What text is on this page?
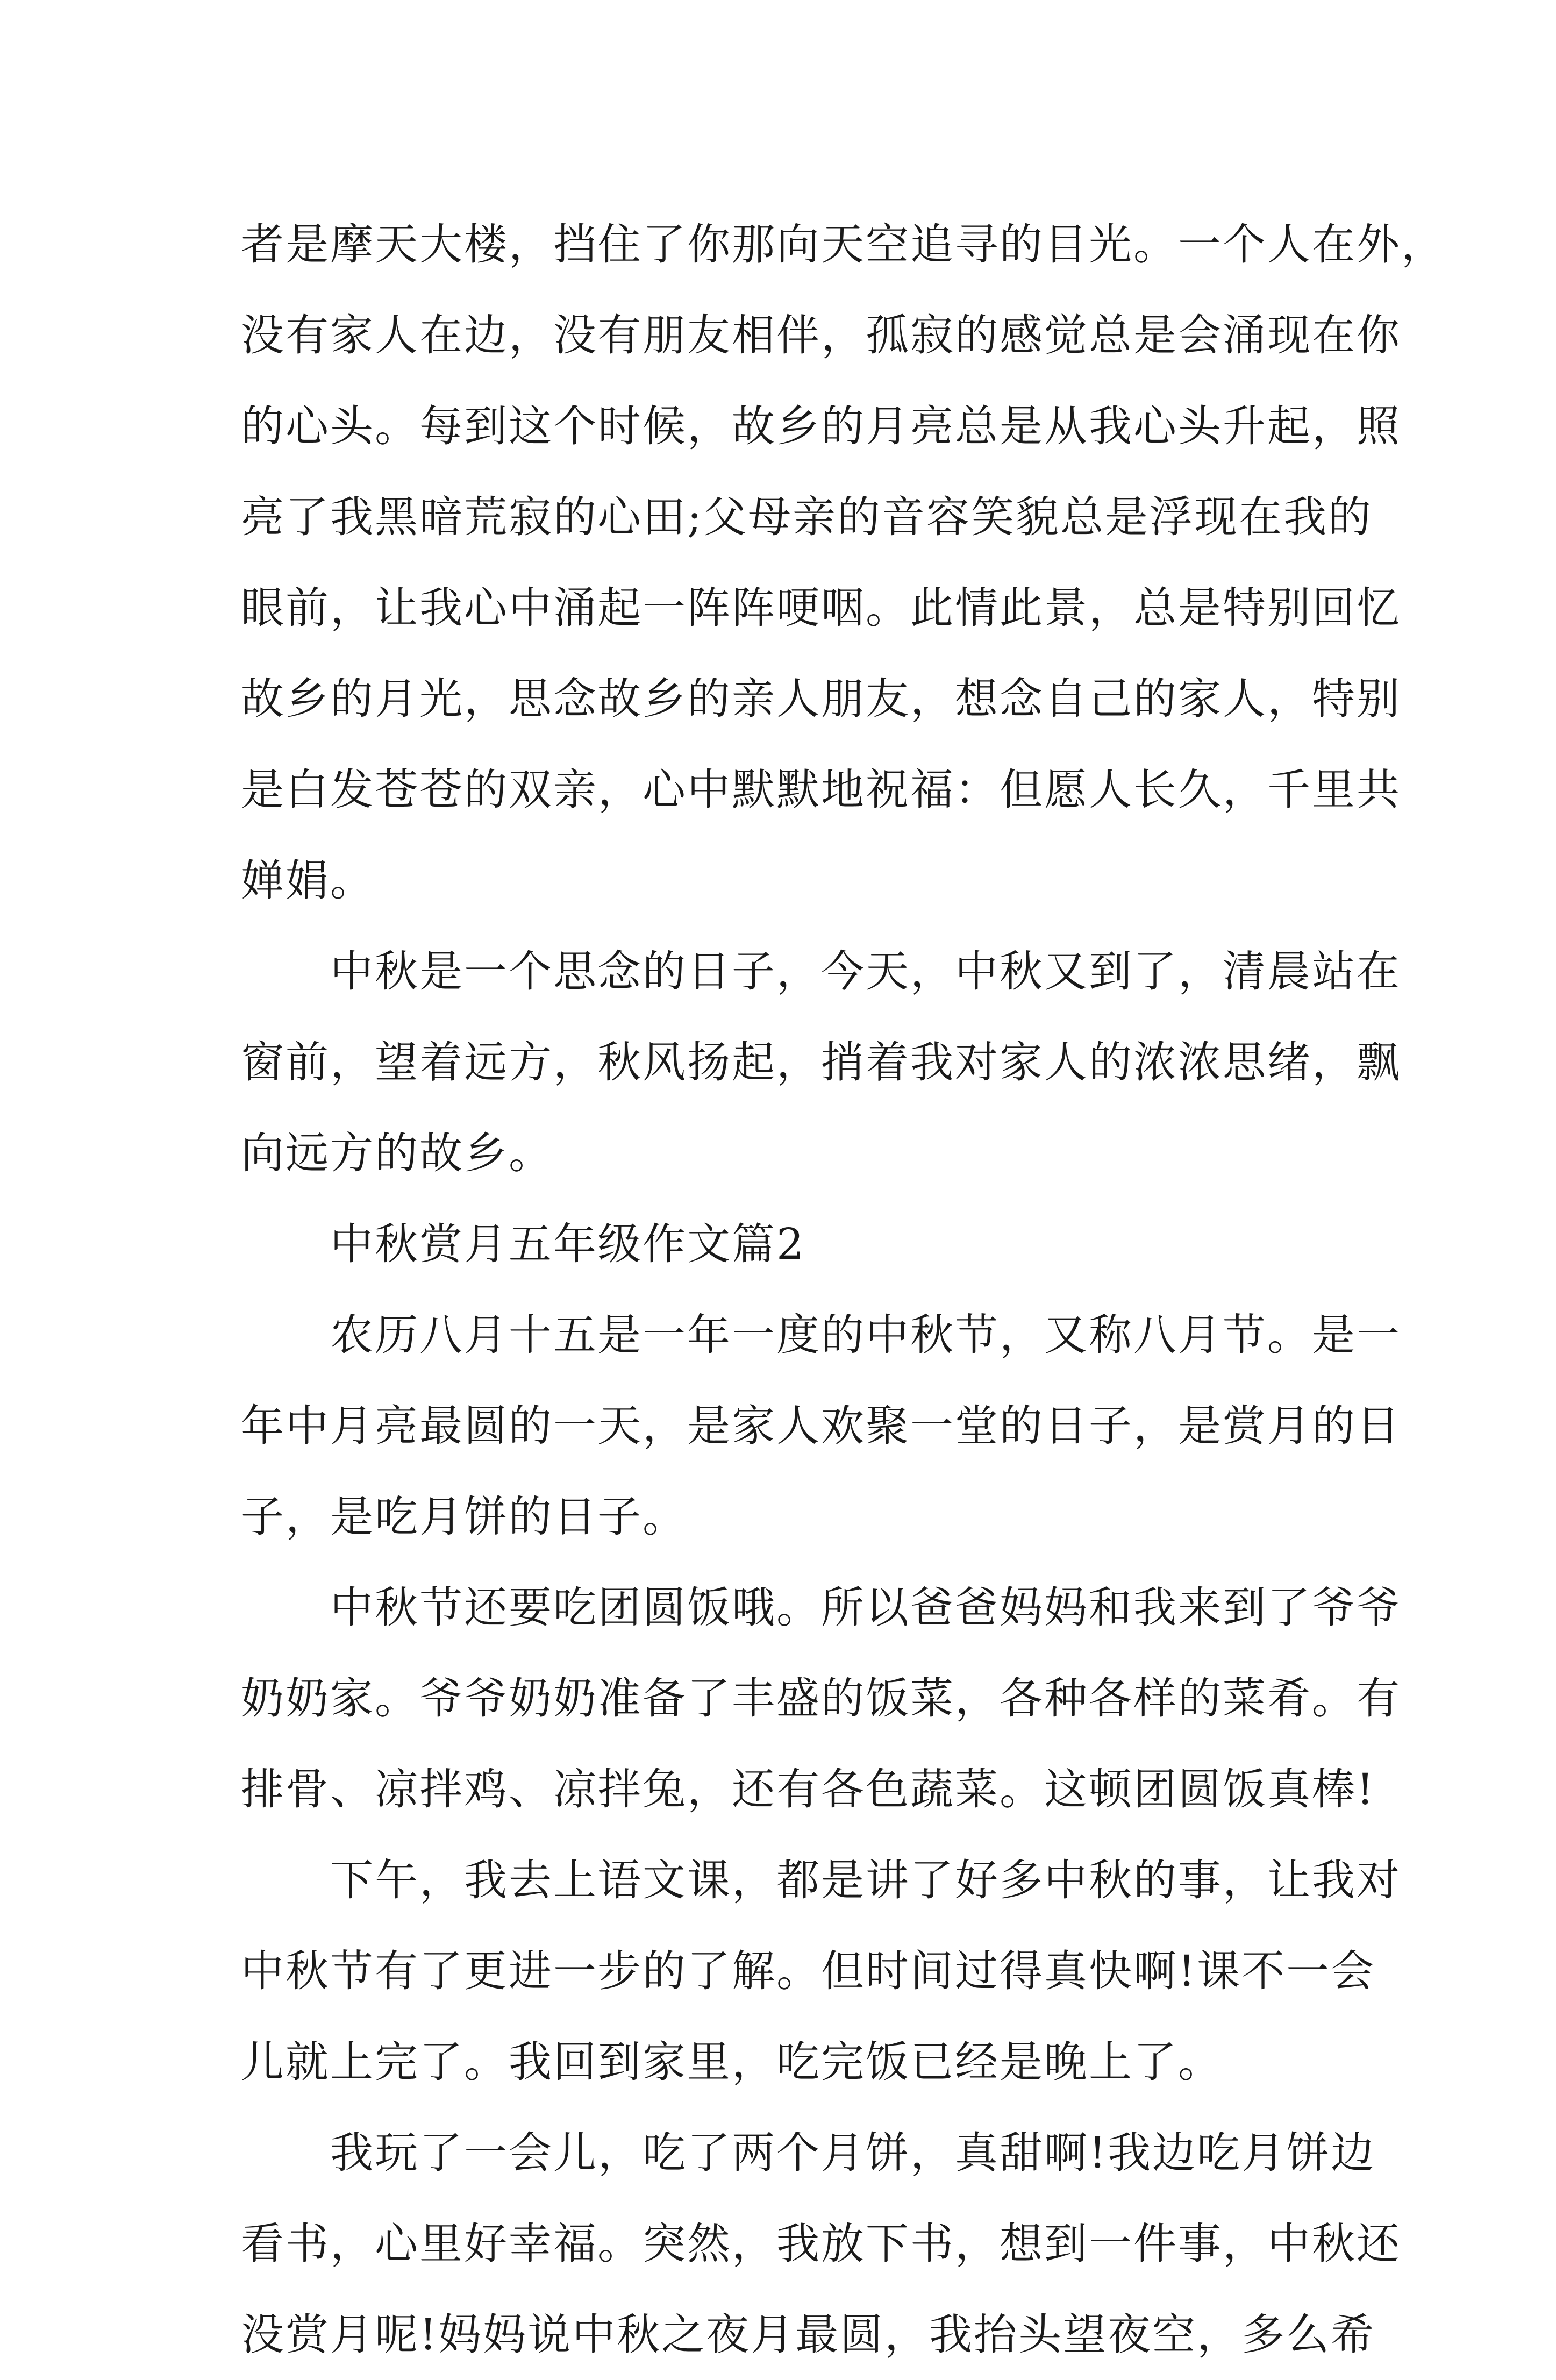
者是摩天大楼，挡住了你那向天空追寻的目光。一个人在外，
没有家人在边，没有朋友相伴，孤寂的感觉总是会涌现在你
的心头。每到这个时候，故乡的月亮总是从我心头升起，照
亮了我黑暗荒寂的心田;父母亲的音容笑貌总是浮现在我的
眼前，让我心中涌起一阵阵哽咽。此情此景，总是特别回忆
故乡的月光，思念故乡的亲人朋友，想念自己的家人，特别
是白发苍苍的双亲，心中默默地祝福：但愿人长久，千里共
婵娟。
　　中秋是一个思念的日子，今天，中秋又到了，清晨站在
窗前，望着远方，秋风扬起，捎着我对家人的浓浓思绪，飘
向远方的故乡。
　　中秋赏月五年级作文篇2
　　农历八月十五是一年一度的中秋节，又称八月节。是一
年中月亮最圆的一天，是家人欢聚一堂的日子，是赏月的日
子，是吃月饼的日子。
　　中秋节还要吃团圆饭哦。所以爸爸妈妈和我来到了爷爷
奶奶家。爷爷奶奶准备了丰盛的饭菜，各种各样的菜肴。有
排骨、凉拌鸡、凉拌兔，还有各色蔬菜。这顿团圆饭真棒!
　　下午，我去上语文课，都是讲了好多中秋的事，让我对
中秋节有了更进一步的了解。但时间过得真快啊!课不一会
儿就上完了。我回到家里，吃完饭已经是晚上了。
　　我玩了一会儿，吃了两个月饼，真甜啊!我边吃月饼边
看书，心里好幸福。突然，我放下书，想到一件事，中秋还
没赏月呢!妈妈说中秋之夜月最圆，我抬头望夜空，多么希
